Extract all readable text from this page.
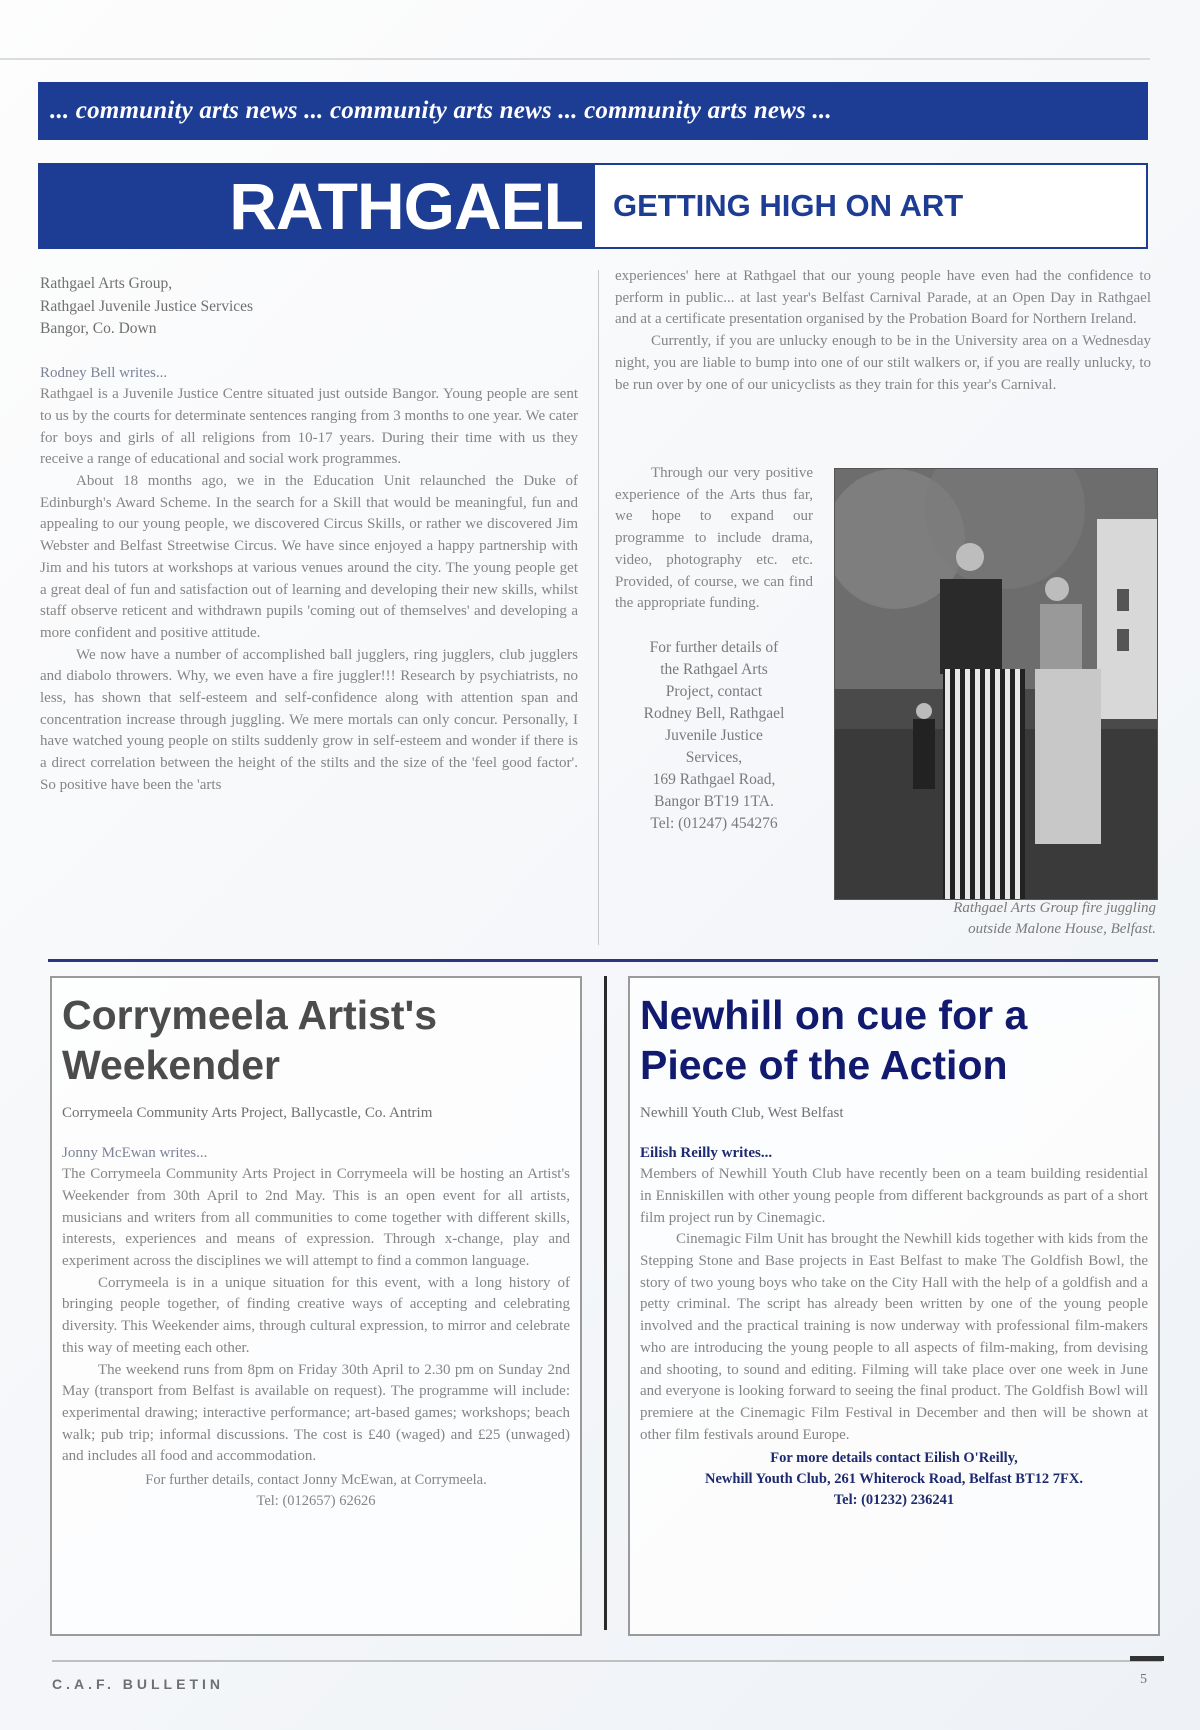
... community arts news ... community arts news ... community arts news ...
RATHGAEL GETTING HIGH ON ART
Rathgael Arts Group,
Rathgael Juvenile Justice Services
Bangor, Co. Down

Rodney Bell writes...

Rathgael is a Juvenile Justice Centre situated just outside Bangor. Young people are sent to us by the courts for determinate sentences ranging from 3 months to one year. We cater for boys and girls of all religions from 10-17 years. During their time with us they receive a range of educational and social work programmes.

About 18 months ago, we in the Education Unit relaunched the Duke of Edinburgh's Award Scheme. In the search for a Skill that would be meaningful, fun and appealing to our young people, we discovered Circus Skills, or rather we discovered Jim Webster and Belfast Streetwise Circus. We have since enjoyed a happy partnership with Jim and his tutors at workshops at various venues around the city. The young people get a great deal of fun and satisfaction out of learning and developing their new skills, whilst staff observe reticent and withdrawn pupils 'coming out of themselves' and developing a more confident and positive attitude.

We now have a number of accomplished ball jugglers, ring jugglers, club jugglers and diabolo throwers. Why, we even have a fire juggler!!! Research by psychiatrists, no less, has shown that self-esteem and self-confidence along with attention span and concentration increase through juggling. We mere mortals can only concur. Personally, I have watched young people on stilts suddenly grow in self-esteem and wonder if there is a direct correlation between the height of the stilts and the size of the 'feel good factor'. So positive have been the 'arts

experiences' here at Rathgael that our young people have even had the confidence to perform in public... at last year's Belfast Carnival Parade, at an Open Day in Rathgael and at a certificate presentation organised by the Probation Board for Northern Ireland.

Currently, if you are unlucky enough to be in the University area on a Wednesday night, you are liable to bump into one of our stilt walkers or, if you are really unlucky, to be run over by one of our unicyclists as they train for this year's Carnival.

Through our very positive experience of the Arts thus far, we hope to expand our programme to include drama, video, photography etc. etc. Provided, of course, we can find the appropriate funding.

For further details of
the Rathgael Arts
Project, contact
Rodney Bell, Rathgael
Juvenile Justice
Services,
169 Rathgael Road,
Bangor BT19 1TA.
Tel: (01247) 454276
Rathgael Arts Group fire juggling
outside Malone House, Belfast.
Corrymeela Artist's
Weekender
Corrymeela Community Arts Project, Ballycastle, Co. Antrim

Jonny McEwan writes...

The Corrymeela Community Arts Project in Corrymeela will be hosting an Artist's Weekender from 30th April to 2nd May. This is an open event for all artists, musicians and writers from all communities to come together with different skills, interests, experiences and means of expression. Through x-change, play and experiment across the disciplines we will attempt to find a common language.

Corrymeela is in a unique situation for this event, with a long history of bringing people together, of finding creative ways of accepting and celebrating diversity. This Weekender aims, through cultural expression, to mirror and celebrate this way of meeting each other.

The weekend runs from 8pm on Friday 30th April to 2.30 pm on Sunday 2nd May (transport from Belfast is available on request). The programme will include: experimental drawing; interactive performance; art-based games; workshops; beach walk; pub trip; informal discussions. The cost is £40 (waged) and £25 (unwaged) and includes all food and accommodation.

For further details, contact Jonny McEwan, at Corrymeela.
Tel: (012657) 62626
Newhill on cue for a
Piece of the Action
Newhill Youth Club, West Belfast

Eilish Reilly writes...

Members of Newhill Youth Club have recently been on a team building residential in Enniskillen with other young people from different backgrounds as part of a short film project run by Cinemagic.

Cinemagic Film Unit has brought the Newhill kids together with kids from the Stepping Stone and Base projects in East Belfast to make The Goldfish Bowl, the story of two young boys who take on the City Hall with the help of a goldfish and a petty criminal. The script has already been written by one of the young people involved and the practical training is now underway with professional film-makers who are introducing the young people to all aspects of film-making, from devising and shooting, to sound and editing. Filming will take place over one week in June and everyone is looking forward to seeing the final product. The Goldfish Bowl will premiere at the Cinemagic Film Festival in December and then will be shown at other film festivals around Europe.

For more details contact Eilish O'Reilly,
Newhill Youth Club, 261 Whiterock Road, Belfast BT12 7FX.
Tel: (01232) 236241
C.A.F. BULLETIN	5
